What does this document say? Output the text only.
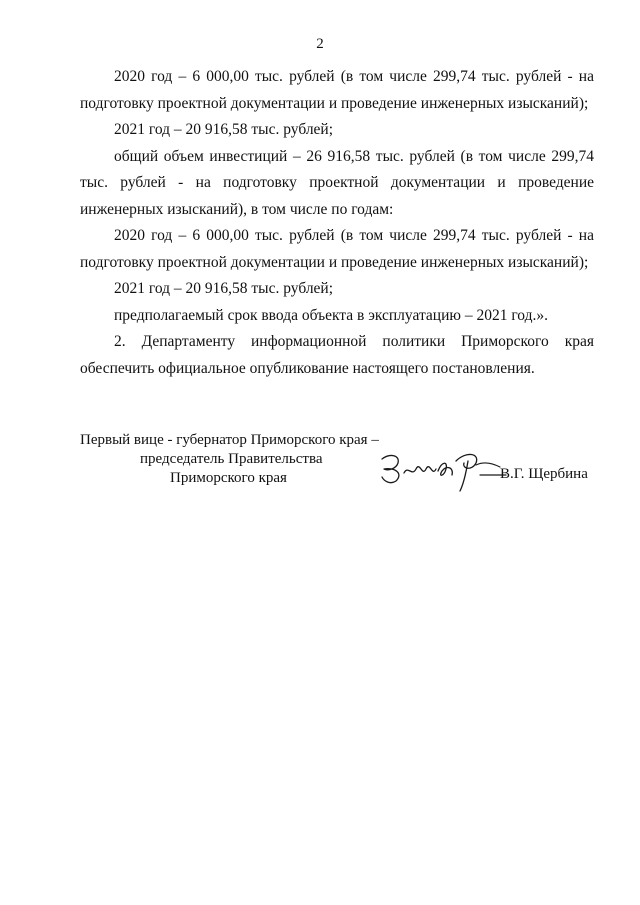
2

2020 год – 6 000,00 тыс. рублей (в том числе 299,74 тыс. рублей - на подготовку проектной документации и проведение инженерных изысканий);

2021 год – 20 916,58 тыс. рублей;

общий объем инвестиций – 26 916,58 тыс. рублей (в том числе 299,74 тыс. рублей - на подготовку проектной документации и проведение инженерных изысканий), в том числе по годам:

2020 год – 6 000,00 тыс. рублей (в том числе 299,74 тыс. рублей - на подготовку проектной документации и проведение инженерных изысканий);

2021 год – 20 916,58 тыс. рублей;

предполагаемый срок ввода объекта в эксплуатацию – 2021 год.».

2. Департаменту информационной политики Приморского края обеспечить официальное опубликование настоящего постановления.

Первый вице - губернатор Приморского края –
председатель Правительства
Приморского края	В.Г. Щербина
